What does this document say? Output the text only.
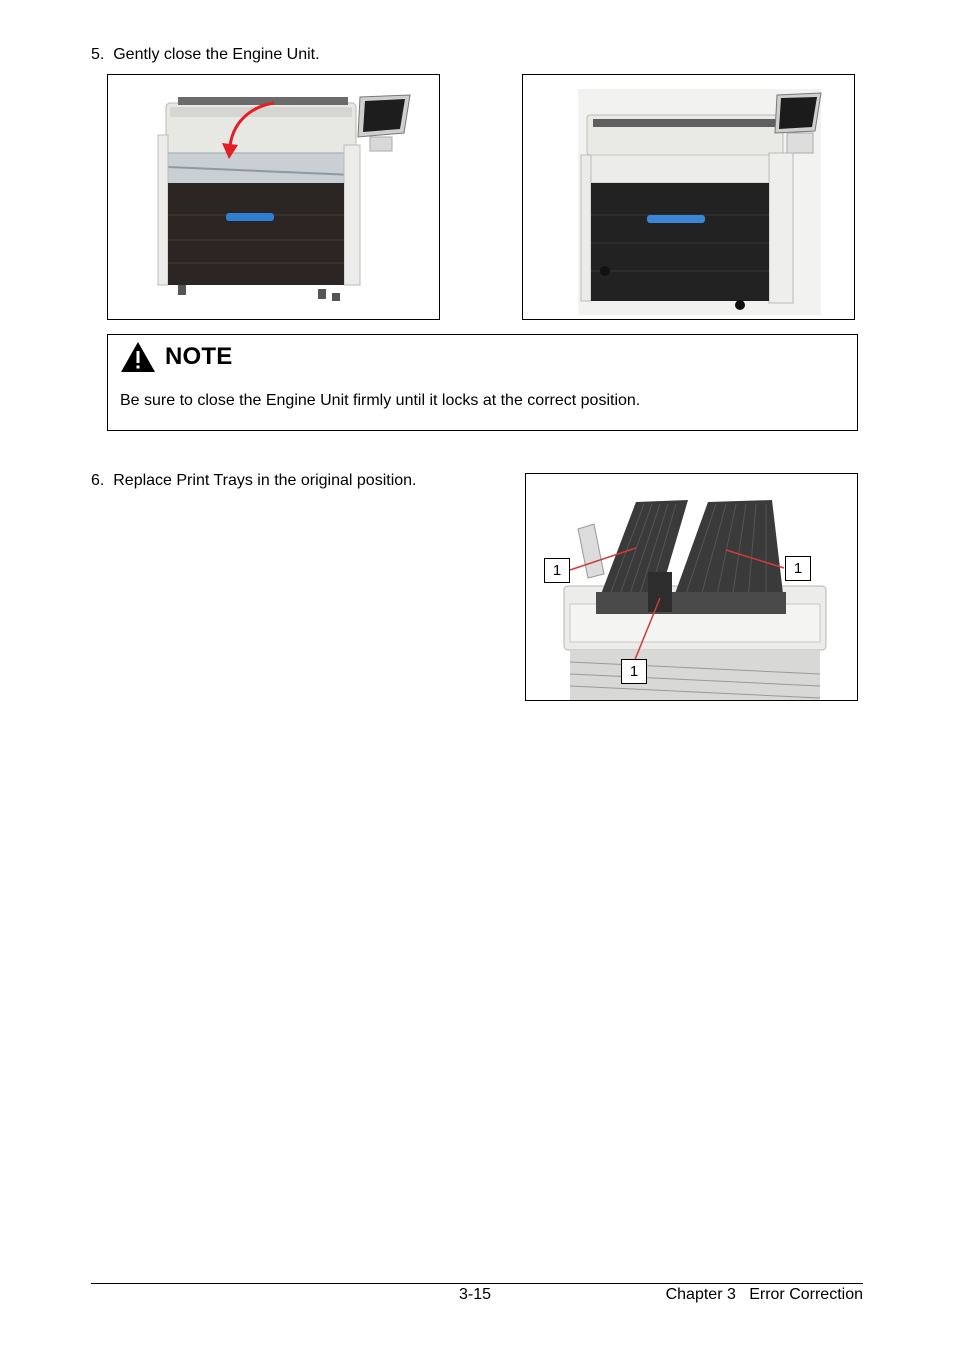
5. Gently close the Engine Unit.
NOTE
Be sure to close the Engine Unit firmly until it locks at the correct position.
6. Replace Print Trays in the original position.
1	1
1
3-15	Chapter 3   Error Correction
